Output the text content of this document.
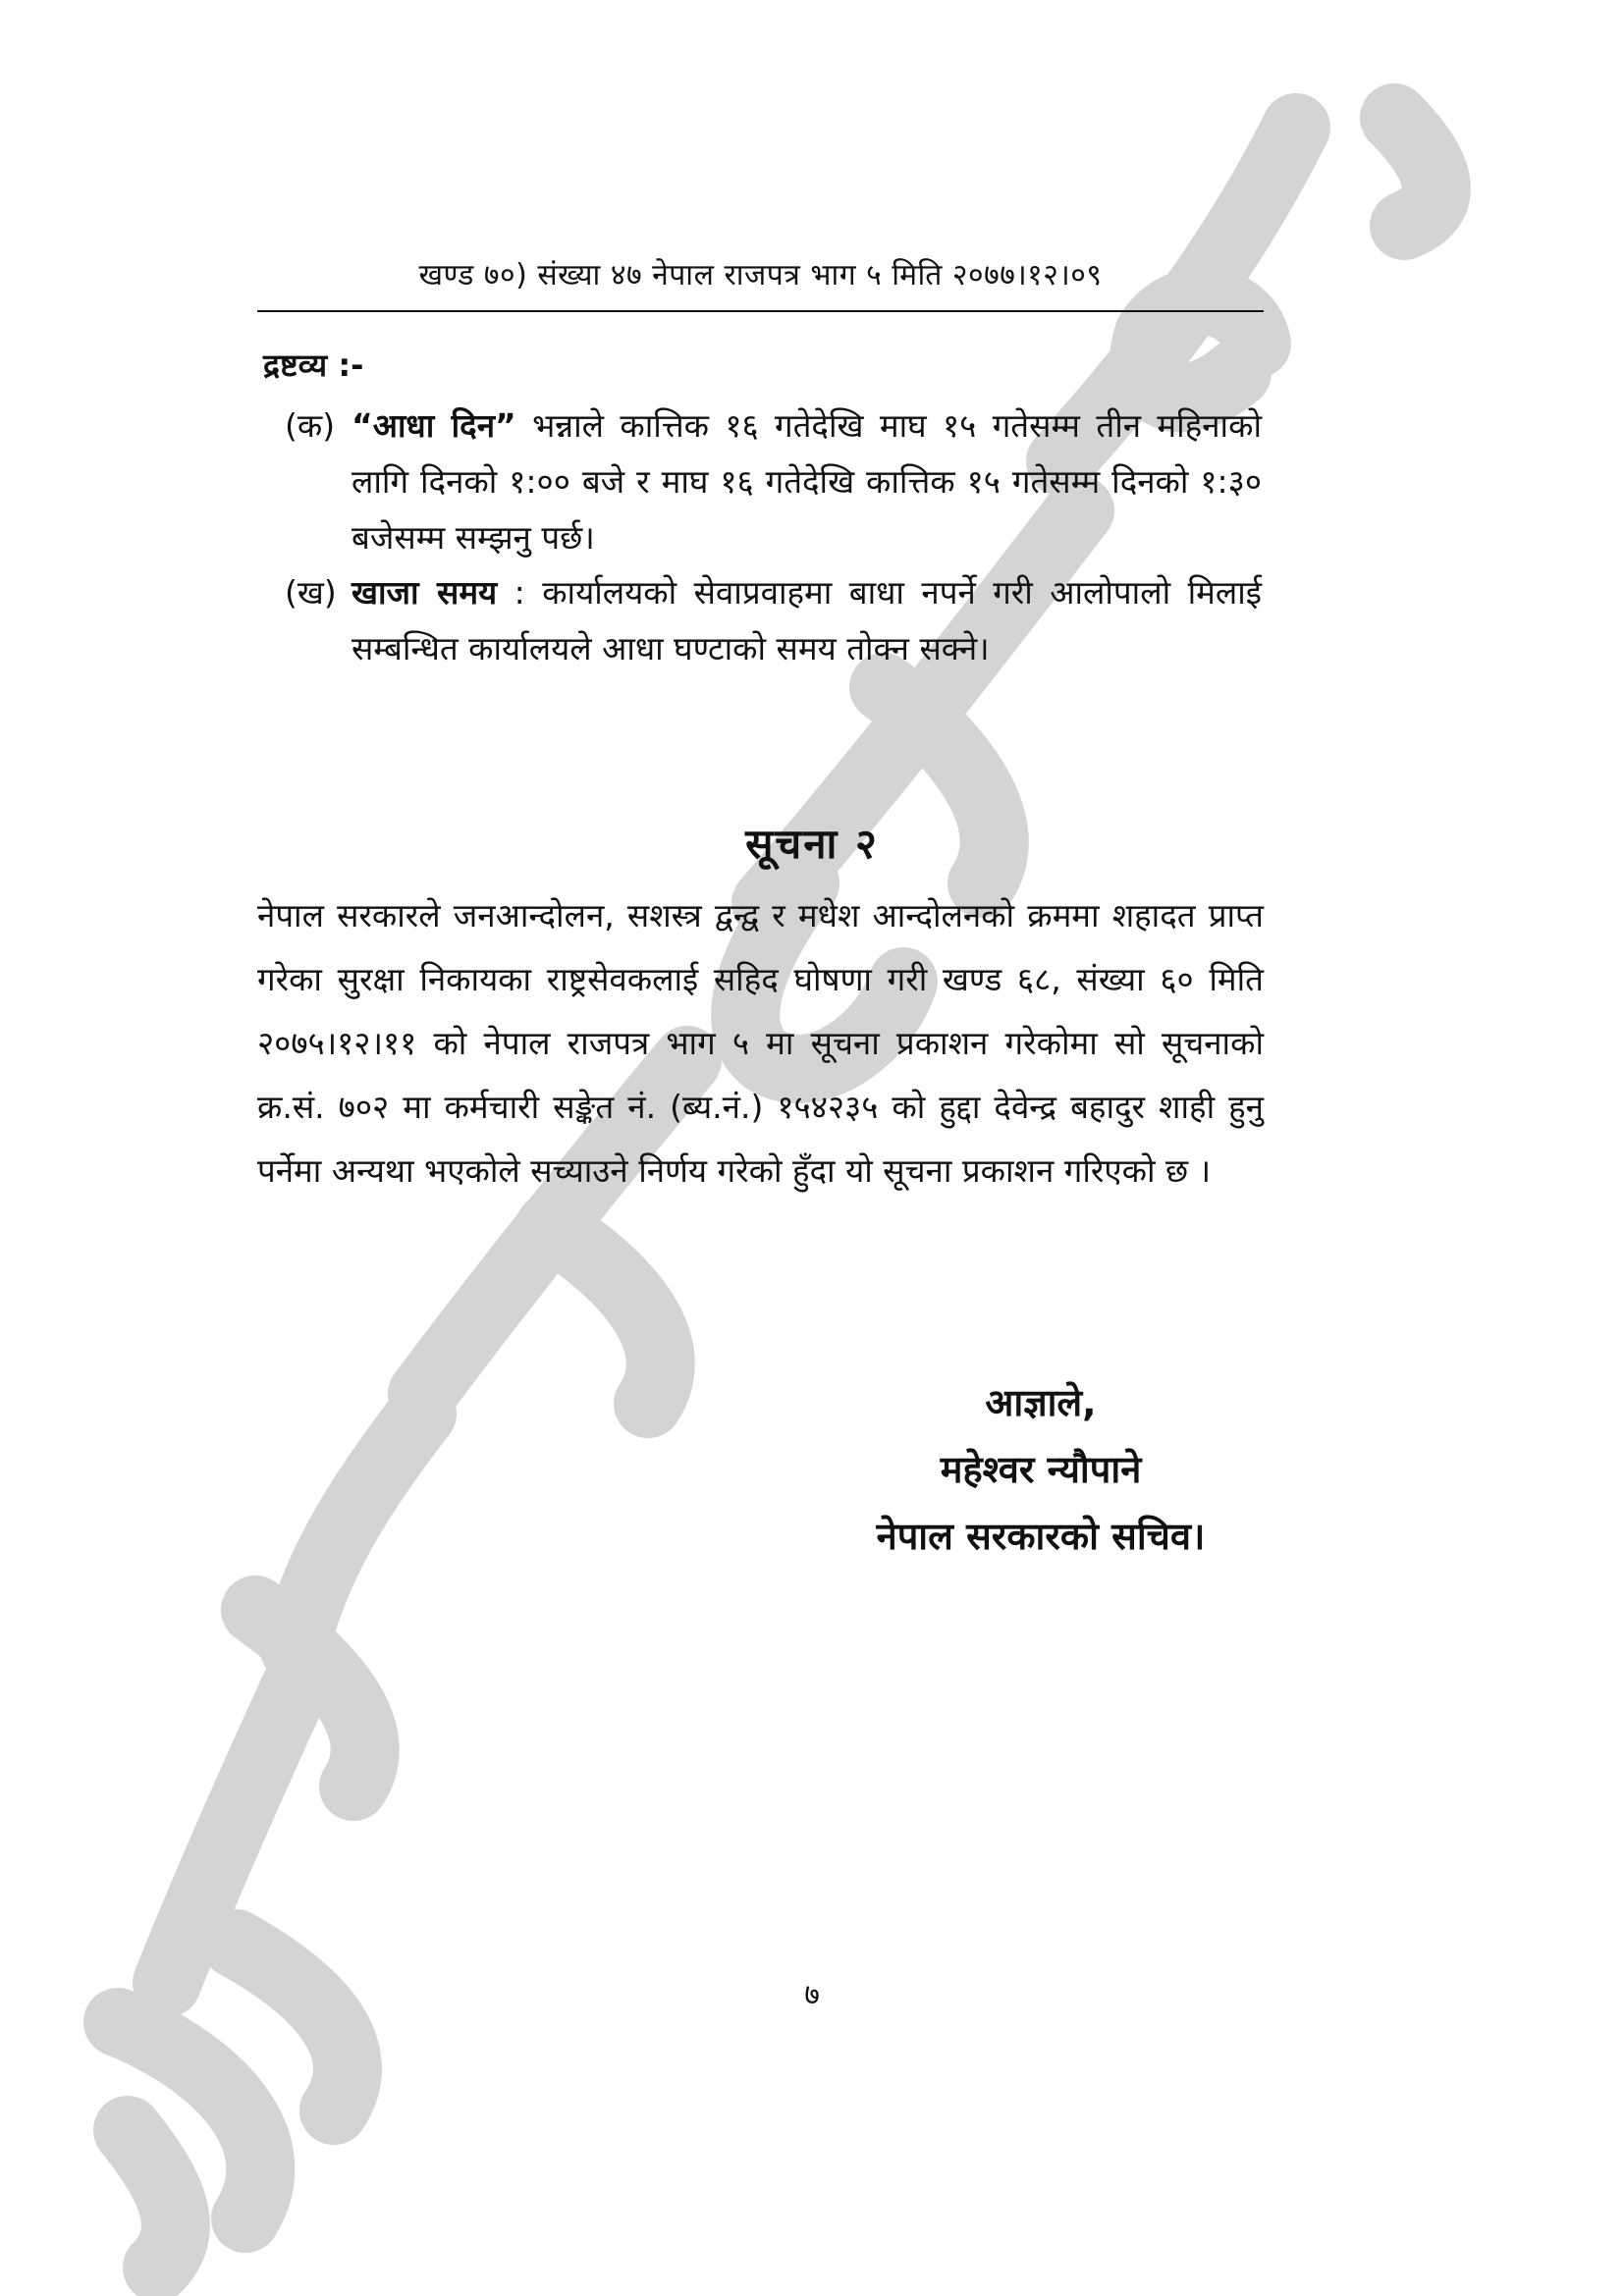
खण्ड ७०) संख्या ४७ नेपाल राजपत्र भाग ५ मिति २०७७।१२।०९
द्रष्टव्य :-
(क) “आधा दिन” भन्नाले कात्तिक १६ गतेदेखि माघ १५ गतेसम्म तीन महिनाको लागि दिनको १:०० बजे र माघ १६ गतेदेखि कात्तिक १५ गतेसम्म दिनको १:३० बजेसम्म सम्झनु पर्छ।
(ख) खाजा समय : कार्यालयको सेवाप्रवाहमा बाधा नपर्ने गरी आलोपालो मिलाई सम्बन्धित कार्यालयले आधा घण्टाको समय तोक्न सक्ने।
सूचना २
नेपाल सरकारले जनआन्दोलन, सशस्त्र द्वन्द्व र मधेश आन्दोलनको क्रममा शहादत प्राप्त गरेका सुरक्षा निकायका राष्ट्रसेवकलाई सहिद घोषणा गरी खण्ड ६८, संख्या ६० मिति २०७५।१२।११ को नेपाल राजपत्र भाग ५ मा सूचना प्रकाशन गरेकोमा सो सूचनाको क्र.सं. ७०२ मा कर्मचारी सङ्केत नं. (ब्य.नं.) १५४२३५ को हुद्दा देवेन्द्र बहादुर शाही हुनु पर्नेमा अन्यथा भएकोले सच्याउने निर्णय गरेको हुँदा यो सूचना प्रकाशन गरिएको छ ।
आज्ञाले,
महेश्वर न्यौपाने
नेपाल सरकारको सचिव।
७
